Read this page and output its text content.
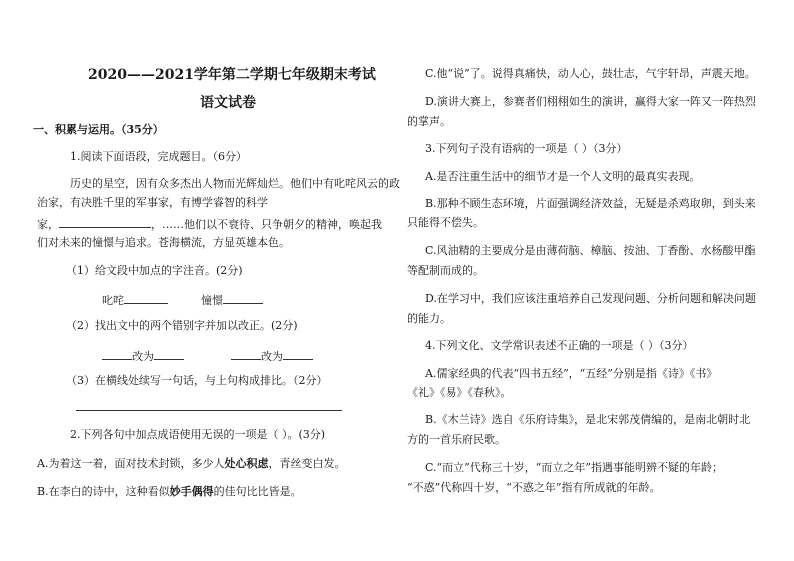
2020——2021学年第二学期七年级期末考试
语文试卷
一、积累与运用。（35分）
1.阅读下面语段，完成题目。（6分）
历史的星空，因有众多杰出人物而光辉灿烂。他们中有叱咤风云的政
治家，有决胜千里的军事家，有博学睿智的科学
家，	，……他们以不衰待、只争朝夕的精神，唤起我
们对未来的憧憬与追求。苍海横流，方显英雄本色。
（1）给文段中加点的字注音。(2分)
叱咤	憧憬
（2）找出文中的两个错别字并加以改正。(2分)
改为	改为
（3）在横线处续写一句话，与上句构成排比。（2分）
2.下列各句中加点成语使用无误的一项是（ ）。(3分)
A.为着这一着，面对技术封锁，多少人处心积虑，青丝变白发。
B.在李白的诗中，这种看似妙手偶得的佳句比比皆是。
C.他“说”了。说得真痛快，动人心，鼓壮志，气宇轩昂，声震天地。
D.演讲大赛上，参赛者们栩栩如生的演讲，赢得大家一阵又一阵热烈
的掌声。
3.下列句子没有语病的一项是（ ）（3分）
A.是否注重生活中的细节才是一个人文明的最真实表现。
B.那种不顾生态环境，片面强调经济效益，无疑是杀鸡取卵，到头来
只能得不偿失。
C.风油精的主要成分是由薄荷脑、樟脑、按油、丁香酚、水杨酸甲酯
等配制而成的。
D.在学习中，我们应该注重培养自己发现问题、分析问题和解决问题
的能力。
4.下列文化、文学常识表述不正确的一项是（ ）（3分）
A.儒家经典的代表“四书五经”，“五经”分别是指《诗》《书》
《礼》《易》《春秋》。
B.《木兰诗》选自《乐府诗集》，是北宋郭茂倩编的，是南北朝时北
方的一首乐府民歌。
C.“而立”代称三十岁，“而立之年”指遇事能明辨不疑的年龄；
“不惑”代称四十岁，“不惑之年”指有所成就的年龄。
